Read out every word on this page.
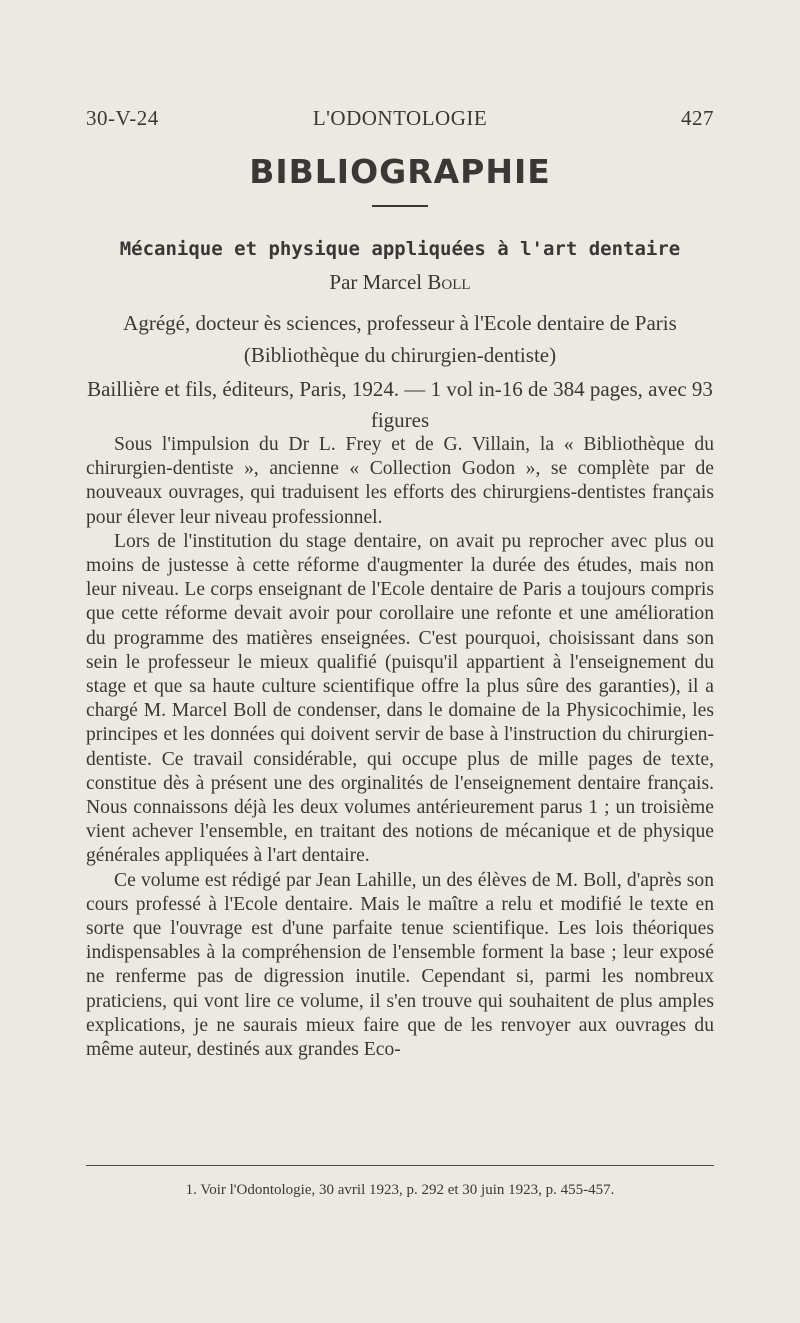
30-V-24	L'ODONTOLOGIE	427
BIBLIOGRAPHIE
Mécanique et physique appliquées à l'art dentaire
Par Marcel Boll
Agrégé, docteur ès sciences, professeur à l'Ecole dentaire de Paris
(Bibliothèque du chirurgien-dentiste)
Baillière et fils, éditeurs, Paris, 1924. — 1 vol in-16 de 384 pages, avec 93 figures

Sous l'impulsion du Dr L. Frey et de G. Villain, la « Bibliothèque du chirurgien-dentiste », ancienne « Collection Godon », se complète par de nouveaux ouvrages, qui traduisent les efforts des chirurgiens-dentistes français pour élever leur niveau professionnel.

Lors de l'institution du stage dentaire, on avait pu reprocher avec plus ou moins de justesse à cette réforme d'augmenter la durée des études, mais non leur niveau. Le corps enseignant de l'Ecole dentaire de Paris a toujours compris que cette réforme devait avoir pour corollaire une refonte et une amélioration du programme des matières enseignées. C'est pourquoi, choisissant dans son sein le professeur le mieux qualifié (puisqu'il appartient à l'enseignement du stage et que sa haute culture scientifique offre la plus sûre des garanties), il a chargé M. Marcel Boll de condenser, dans le domaine de la Physicochimie, les principes et les données qui doivent servir de base à l'instruction du chirurgien-dentiste. Ce travail considérable, qui occupe plus de mille pages de texte, constitue dès à présent une des orginalités de l'enseignement dentaire français. Nous connaissons déjà les deux volumes antérieurement parus 1 ; un troisième vient achever l'ensemble, en traitant des notions de mécanique et de physique générales appliquées à l'art dentaire.

Ce volume est rédigé par Jean Lahille, un des élèves de M. Boll, d'après son cours professé à l'Ecole dentaire. Mais le maître a relu et modifié le texte en sorte que l'ouvrage est d'une parfaite tenue scientifique. Les lois théoriques indispensables à la compréhension de l'ensemble forment la base ; leur exposé ne renferme pas de digression inutile. Cependant si, parmi les nombreux praticiens, qui vont lire ce volume, il s'en trouve qui souhaitent de plus amples explications, je ne saurais mieux faire que de les renvoyer aux ouvrages du même auteur, destinés aux grandes Eco-

1. Voir l'Odontologie, 30 avril 1923, p. 292 et 30 juin 1923, p. 455-457.
